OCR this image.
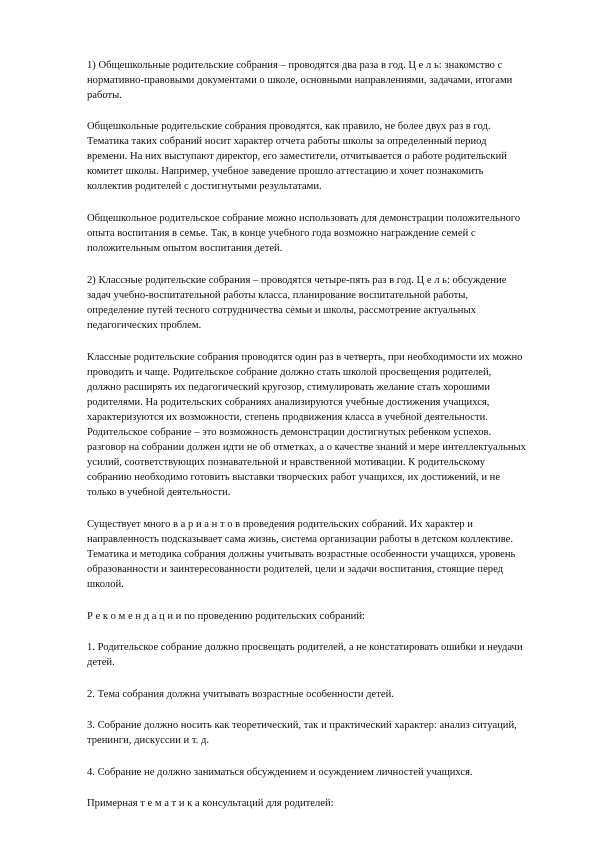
1) Общешкольные родительские собрания – проводятся два раза в год. Ц е л ь: знакомство с нормативно-правовыми документами о школе, основными направлениями, задачами, итогами работы.

Общешкольные родительские собрания проводятся, как правило, не более двух раз в год. Тематика таких собраний носит характер отчета работы школы за определенный период времени. На них выступают директор, его заместители, отчитывается о работе родительский комитет школы. Например, учебное заведение прошло аттестацию и хочет познакомить коллектив родителей с достигнутыми результатами.

Общешкольное родительское собрание можно использовать для демонстрации положительного опыта воспитания в семье. Так, в конце учебного года возможно награждение семей с положительным опытом воспитания детей.

2) Классные родительские собрания – проводятся четыре-пять раз в год. Ц е л ь: обсуждение задач учебно-воспитательной работы класса, планирование воспитательной работы, определение путей тесного сотрудничества семьи и школы, рассмотрение актуальных педагогических проблем.

Классные родительские собрания проводятся один раз в четверть, при необходимости их можно проводить и чаще. Родительское собрание должно стать школой просвещения родителей, должно расширять их педагогический кругозор, стимулировать желание стать хорошими родителями. На родительских собраниях анализируются учебные достижения учащихся, характеризуются их возможности, степень продвижения класса в учебной деятельности. Родительское собрание – это возможность демонстрации достигнутых ребенком успехов. разговор на собрании должен идти не об отметках, а о качестве знаний и мере интеллектуальных усилий, соответствующих познавательной и нравственной мотивации. К родительскому собранию необходимо готовить выставки творческих работ учащихся, их достижений, и не только в учебной деятельности.

Существует много в а р и а н т о в проведения родительских собраний. Их характер и направленность подсказывает сама жизнь, система организации работы в детском коллективе. Тематика и методика собрания должны учитывать возрастные особенности учащихся, уровень образованности и заинтересованности родителей, цели и задачи воспитания, стоящие перед школой.

Р е к о м е н д а ц и и по проведению родительских собраний:

1. Родительское собрание должно просвещать родителей, а не констатировать ошибки и неудачи детей.

2. Тема собрания должна учитывать возрастные особенности детей.

3. Собрание должно носить как теоретический, так и практический характер: анализ ситуаций, тренинги, дискуссии и т. д.

4. Собрание не должно заниматься обсуждением и осуждением личностей учащихся.

Примерная т е м а т и к а консультаций для родителей:
